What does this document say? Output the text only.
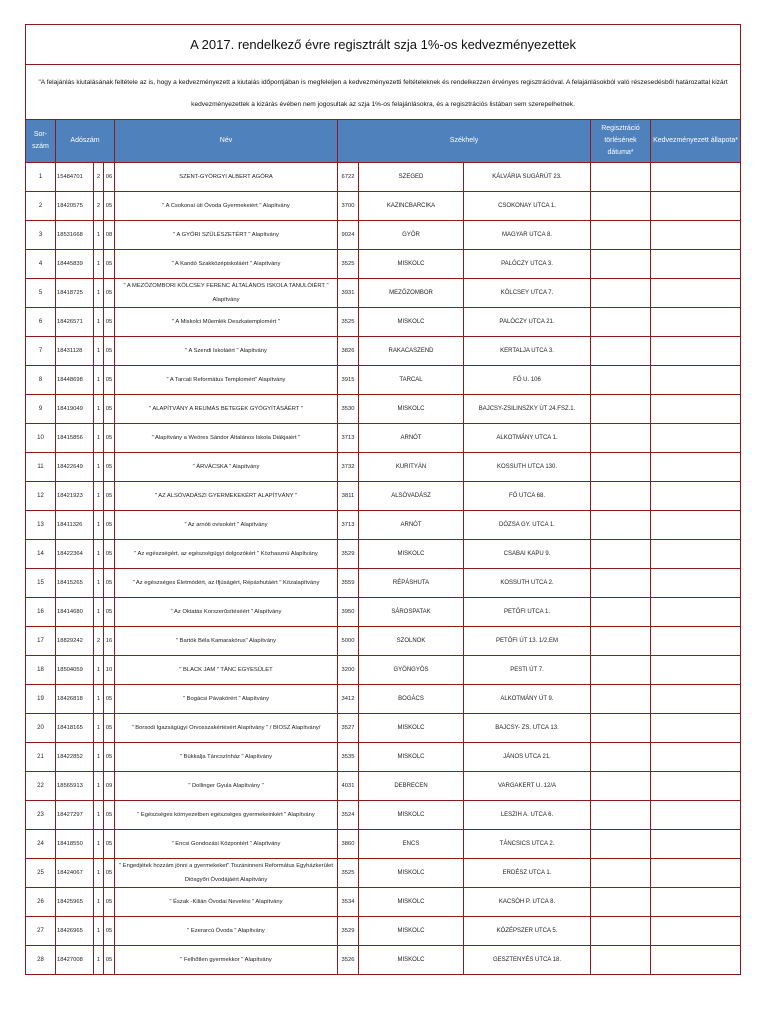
A 2017. rendelkező évre regisztrált szja 1%-os kedvezményezettek									
"A felajánlás kiutalásának feltétele az is, hogy a kedvezményezett a kiutalás időpontjában is megfeleljen a kedvezményezetti feltételeknek és rendelkezzen érvényes regisztrációval. A felajánlásokból való részesedésből határozattal kizárt kedvezményezettek a kizárás évében nem jogosultak az szja 1%-os felajánlásokra, és a regisztrációs listában sem szerepelhetnek.									
Sor-szám	Adószám			Név	Székhely			Regisztráció törlésének dátuma*	Kedvezményezett állapota*
1	15484701	2	06	SZENT-GYÖRGYI ALBERT AGÓRA	6722	SZEGED	KÁLVÁRIA SUGÁRÚT 23.		
2	18420575	2	05	" A Csokonai úti Óvoda Gyermekeiért " Alapítvány	3700	KAZINCBARCIKA	CSOKONAY UTCA 1.		
3	18531668	1	08	" A GYŐRI SZÜLÉSZETÉRT " Alapítvány	9024	GYŐR	MAGYAR UTCA 8.		
4	18445839	1	05	" A Kandó Szakközépiskoláért " Alapítvány	3525	MISKOLC	PALÓCZY UTCA 3.		
5	18418725	1	05	" A MEZŐZOMBORI KÖLCSEY FERENC ÁLTALÁNOS ISKOLA TANULÓIÉRT " Alapítvány	3931	MEZŐZOMBOR	KÖLCSEY UTCA 7.		
6	18426571	1	05	" A Miskolci Műemlék Deszkatemplomért "	3525	MISKOLC	PALÓCZY UTCA 21.		
7	18431128	1	05	" A Szendi Iskoláért " Alapítvány	3826	RAKACASZEND	KERTALJA UTCA 3.		
8	18448698	1	05	" A Tarcali Református Templomért" Alapítvány	3915	TARCAL	FŐ U. 106		
9	18419049	1	05	" ALAPÍTVÁNY A REUMÁS BETEGEK GYÓGYÍTÁSÁÉRT "	3530	MISKOLC	BAJCSY-ZSILINSZKY ÚT 24.FSZ.1.		
10	18415856	1	05	" Alapítvány a Weöres Sándor Általános Iskola Diákjaiért "	3713	ARNÓT	ALKOTMÁNY UTCA 1.		
11	18422649	1	05	" ÁRVÁCSKA " Alapítvány	3732	KURITYÁN	KOSSUTH UTCA 130.		
12	18421923	1	05	" AZ ALSÓVADÁSZI GYERMEKEKÉRT ALAPÍTVÁNY "	3811	ALSÓVADÁSZ	FŐ UTCA 68.		
13	18411326	1	05	" Az arnóti ovisokért " Alapítvány	3713	ARNÓT	DÓZSA GY. UTCA 1.		
14	18422364	1	05	" Az egészségért, az egészségügyi dolgozókért " Közhasznú Alapítvány	3529	MISKOLC	CSABAI KAPU 9.		
15	18415265	1	05	" Az egészséges Életmódért, az Ifjúságért, Répáshutáért " Közalapítvány	3559	RÉPÁSHUTA	KOSSUTH UTCA 2.		
16	18414680	1	05	" Az Oktatás Korszerűsítéséért " Alapítvány	3950	SÁROSPATAK	PETŐFI UTCA 1.		
17	18829242	2	16	" Bartók Béla Kamarakórus" Alapítvány	5000	SZOLNOK	PETŐFI ÚT 13. 1/2.EM		
18	18504059	1	10	" BLACK JAM " TÁNC EGYESÜLET	3200	GYÖNGYÖS	PESTI ÚT 7.		
19	18426818	1	05	" Bogácsi Pávakörért " Alapítvány	3412	BOGÁCS	ALKOTMÁNY ÚT 9.		
20	18418165	1	05	" Borsodi Igazságügyi Orvosszakértésért Alapítvány " / BIOSZ Alapítvány/	3527	MISKOLC	BAJCSY- ZS. UTCA 13.		
21	18422852	1	05	" Bükkalja Táncszínház " Alapítvány	3535	MISKOLC	JÁNOS UTCA 21.		
22	18565913	1	09	" Dollinger Gyula Alapítvány "	4031	DEBRECEN	VARGAKERT U. 12/A		
23	18427297	1	05	" Egészséges környezetben egészséges gyermekeinkért " Alapítvány	3524	MISKOLC	LESZIH A. UTCA 6.		
24	18418550	1	05	" Encsi Gondozási Központért " Alapítvány	3860	ENCS	TÁNCSICS UTCA 2.		
25	18424067	1	05	" Engedjétek hozzám jönni a gyermekeket" Tiszáninneni Református Egyházkerület Diósgyőri Óvodájáért Alapítvány	3525	MISKOLC	ERDÉSZ UTCA 1.		
26	18425965	1	05	" Észak -Kilián Óvodai Nevelési " Alapítvány	3534	MISKOLC	KACSÓH P. UTCA 8.		
27	18426965	1	05	" Ezerarcú Óvoda " Alapítvány	3529	MISKOLC	KÖZÉPSZER UTCA 5.		
28	18427008	1	05	" Felhőtlen gyermekkor " Alapítvány	3526	MISKOLC	GESZTENYÉS UTCA 18.		
